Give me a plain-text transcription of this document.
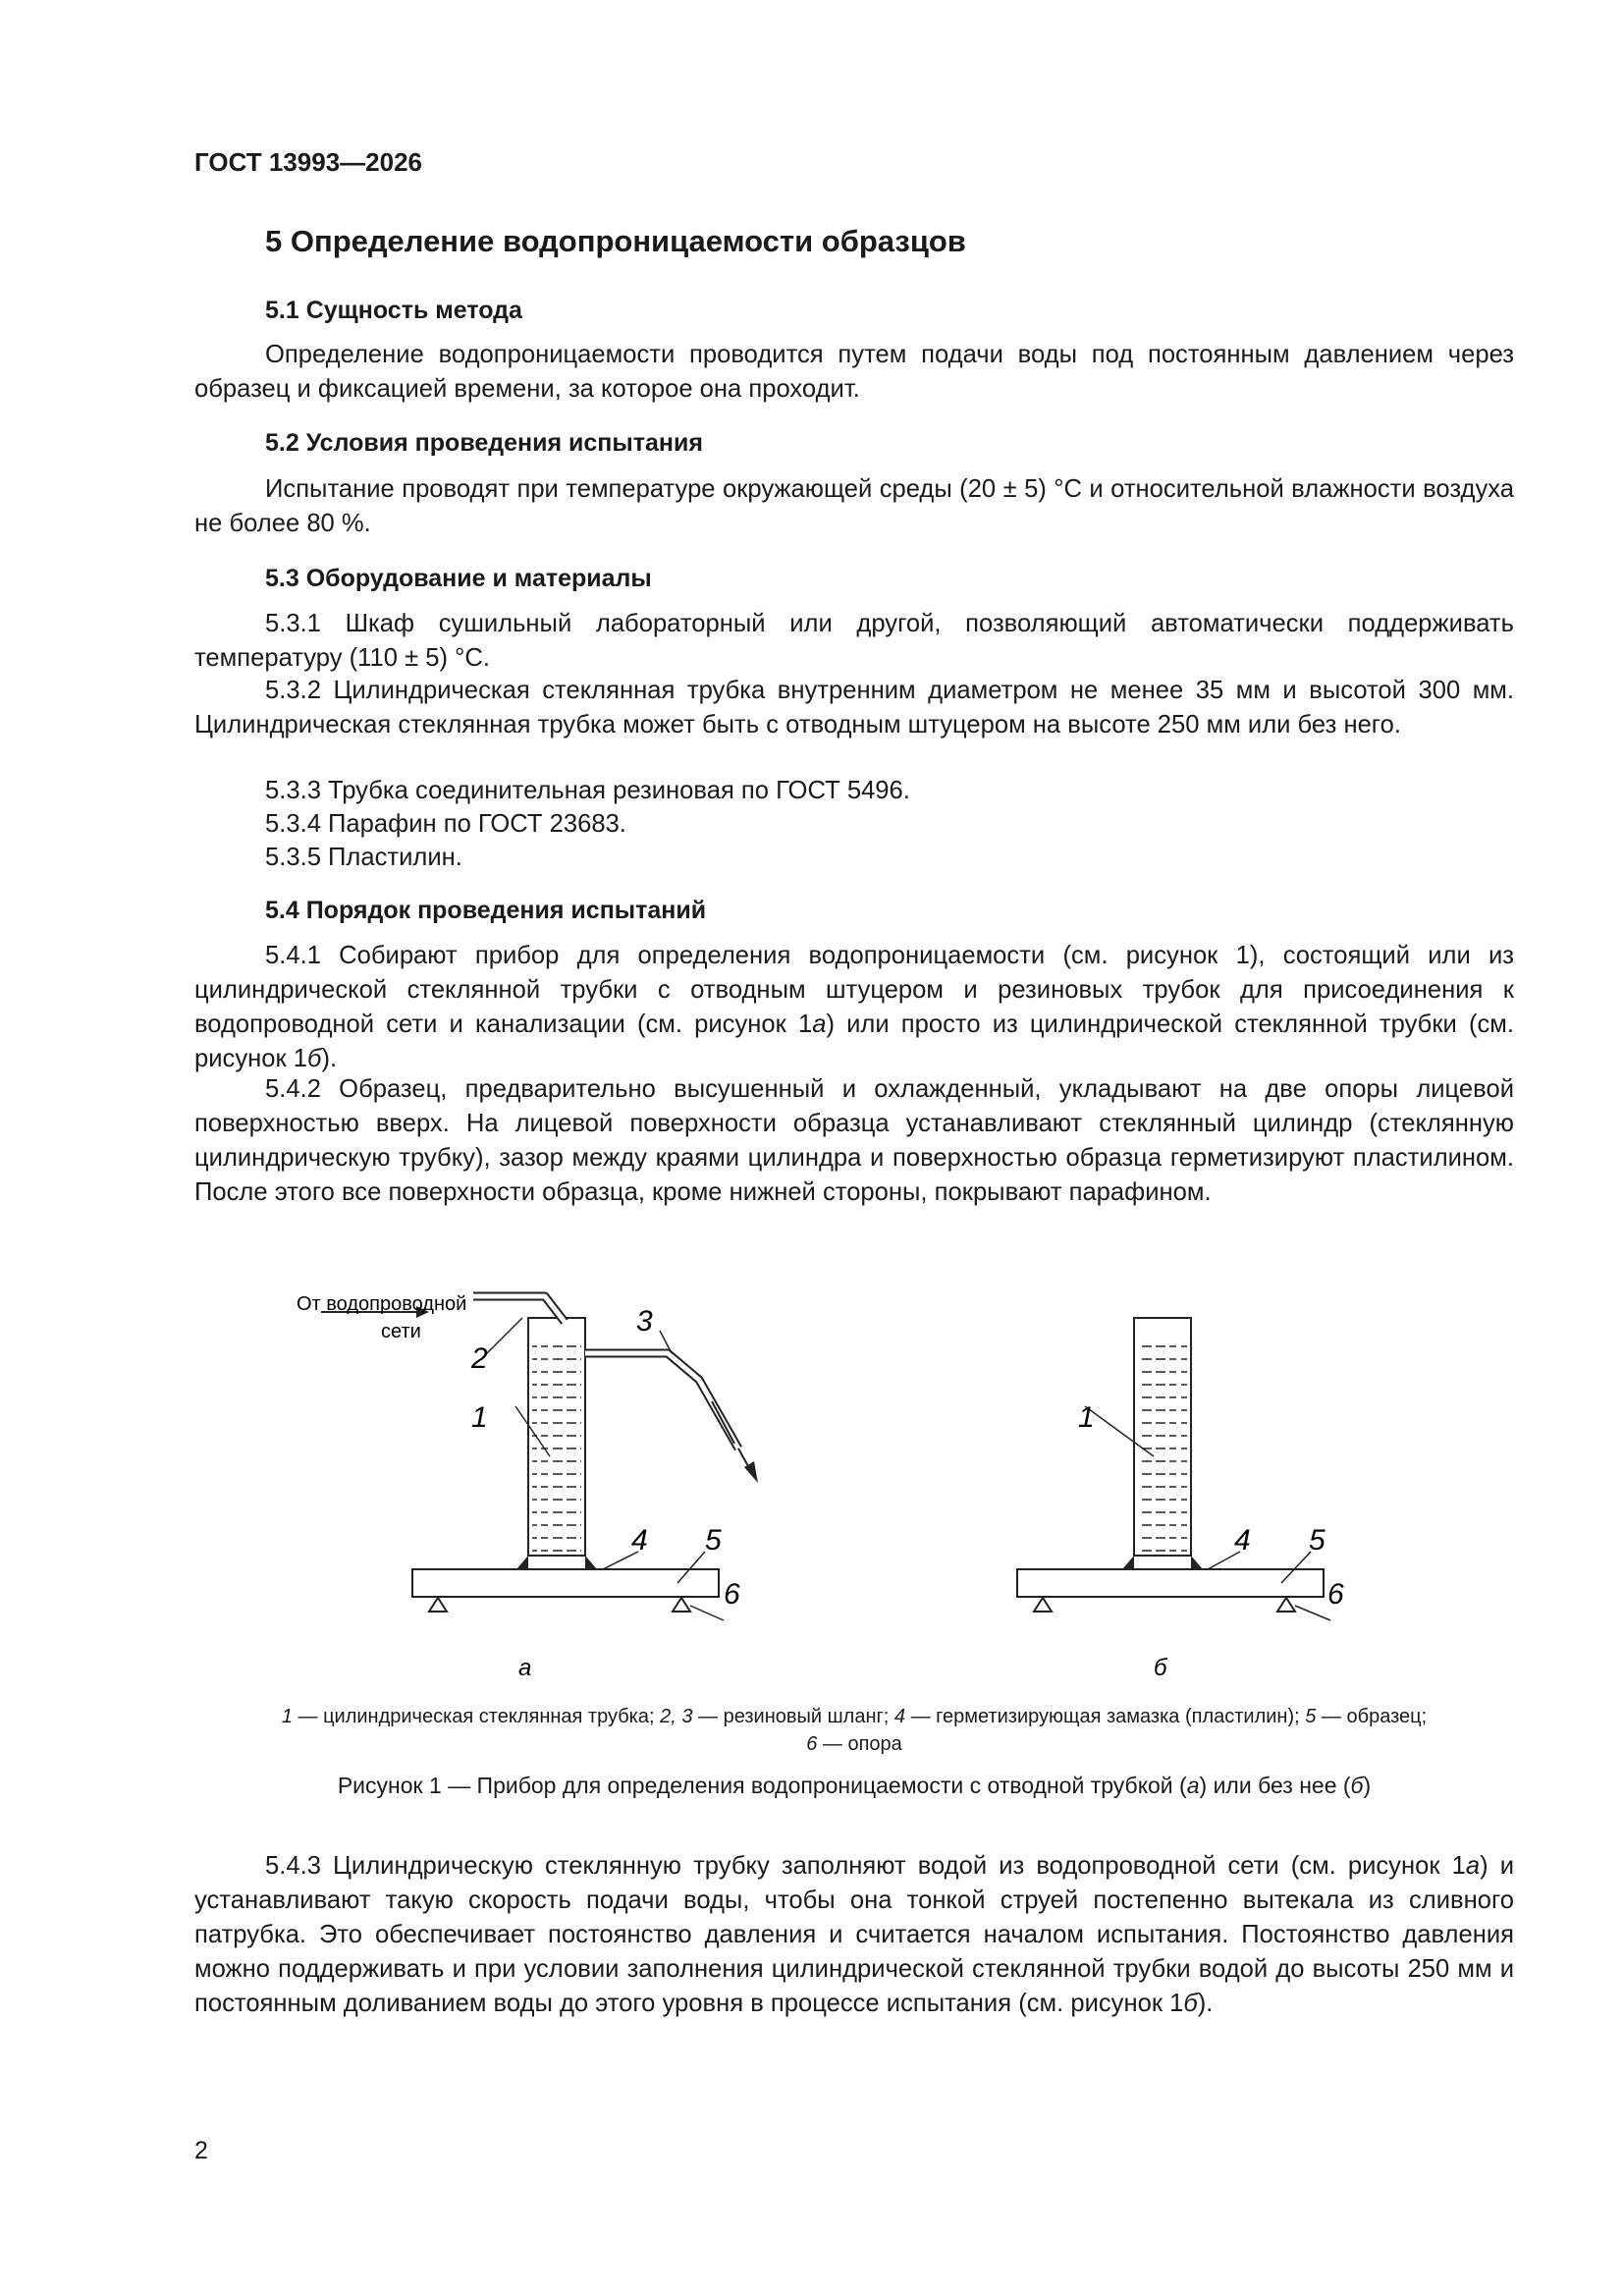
ГОСТ 13993—2026
5 Определение водопроницаемости образцов
5.1 Сущность метода
Определение водопроницаемости проводится путем подачи воды под постоянным давлением через образец и фиксацией времени, за которое она проходит.
5.2 Условия проведения испытания
Испытание проводят при температуре окружающей среды (20 ± 5) °С и относительной влажности воздуха не более 80 %.
5.3 Оборудование и материалы
5.3.1 Шкаф сушильный лабораторный или другой, позволяющий автоматически поддерживать температуру (110 ± 5) °С.
5.3.2 Цилиндрическая стеклянная трубка внутренним диаметром не менее 35 мм и высотой 300 мм. Цилиндрическая стеклянная трубка может быть с отводным штуцером на высоте 250 мм или без него.
5.3.3 Трубка соединительная резиновая по ГОСТ 5496.
5.3.4 Парафин по ГОСТ 23683.
5.3.5 Пластилин.
5.4 Порядок проведения испытаний
5.4.1 Собирают прибор для определения водопроницаемости (см. рисунок 1), состоящий или из цилиндрической стеклянной трубки с отводным штуцером и резиновых трубок для присоединения к водопроводной сети и канализации (см. рисунок 1а) или просто из цилиндрической стеклянной трубки (см. рисунок 1б).
5.4.2 Образец, предварительно высушенный и охлажденный, укладывают на две опоры лицевой поверхностью вверх. На лицевой поверхности образца устанавливают стеклянный цилиндр (стеклянную цилиндрическую трубку), зазор между краями цилиндра и поверхностью образца герметизируют пластилином. После этого все поверхности образца, кроме нижней стороны, покрывают парафином.
От водопроводной
сети
2
3
1
4 5
6
а
1
4 5
6
б
1 — цилиндрическая стеклянная трубка; 2, 3 — резиновый шланг; 4 — герметизирующая замазка (пластилин); 5 — образец;
6 — опора
Рисунок 1 — Прибор для определения водопроницаемости с отводной трубкой (а) или без нее (б)
5.4.3 Цилиндрическую стеклянную трубку заполняют водой из водопроводной сети (см. рисунок 1а) и устанавливают такую скорость подачи воды, чтобы она тонкой струей постепенно вытекала из сливного патрубка. Это обеспечивает постоянство давления и считается началом испытания. Постоянство давления можно поддерживать и при условии заполнения цилиндрической стеклянной трубки водой до высоты 250 мм и постоянным доливанием воды до этого уровня в процессе испытания (см. рисунок 1б).
2
